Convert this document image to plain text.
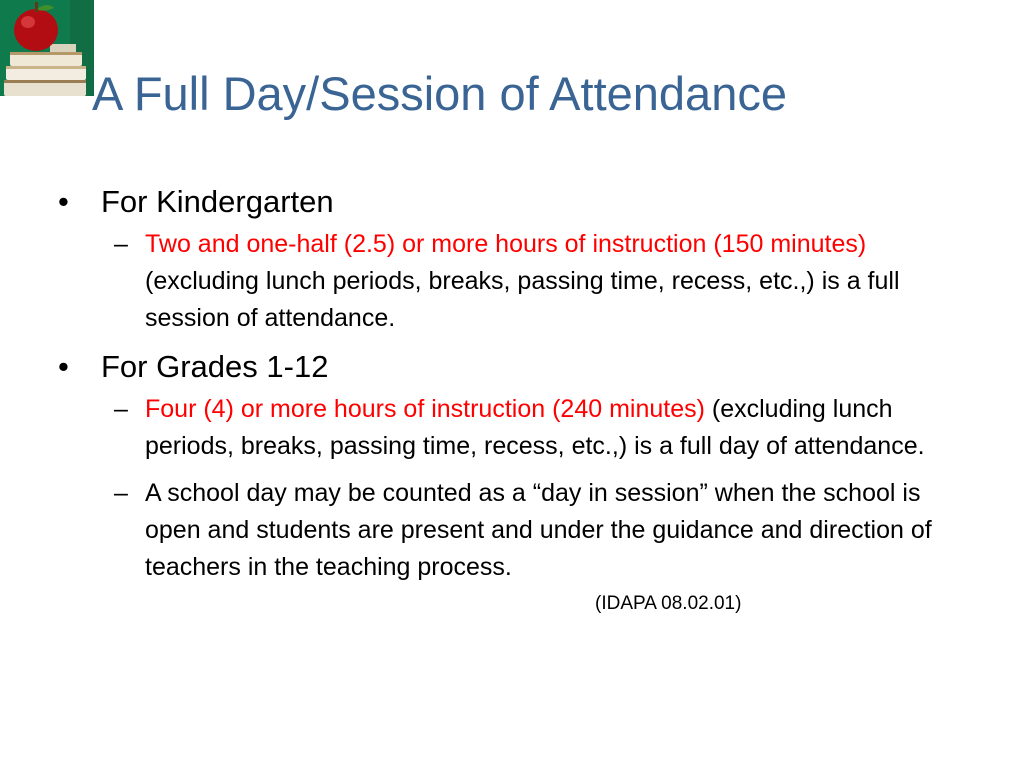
A Full Day/Session of Attendance
• For Kindergarten
– Two and one-half (2.5) or more hours of instruction (150 minutes) (excluding lunch periods, breaks, passing time, recess, etc.,) is a full session of attendance.
• For Grades 1-12
– Four (4) or more hours of instruction (240 minutes) (excluding lunch periods, breaks, passing time, recess, etc.,) is a full day of attendance.
– A school day may be counted as a “day in session” when the school is open and students are present and under the guidance and direction of teachers in the teaching process.
(IDAPA 08.02.01)
